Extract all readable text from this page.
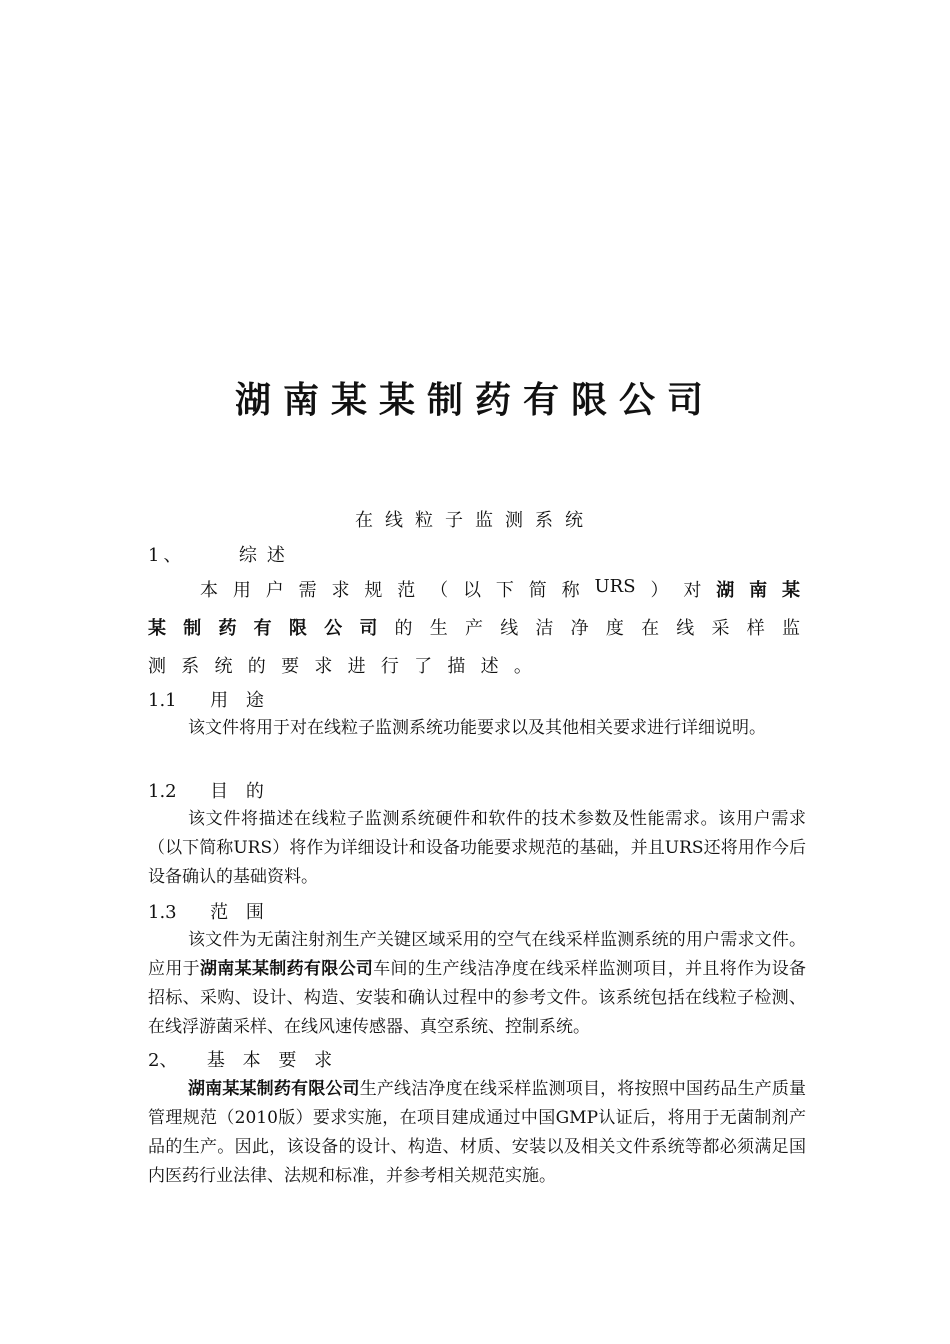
湖南某某制药有限公司
在线粒子监测系统
1、	综述
本 用 户 需 求 规 范 （ 以 下 简 称 URS ） 对 湖 南 某
某 制 药 有 限 公 司 的 生 产 线 洁 净 度 在 线 采 样 监
测 系 统 的 要 求 进 行 了 描 述 。
1.1 用 途
该文件将用于对在线粒子监测系统功能要求以及其他相关要求进行详细说明。
1.2 目 的
该文件将描述在线粒子监测系统硬件和软件的技术参数及性能需求。该用户需求（以下简称URS）将作为详细设计和设备功能要求规范的基础，并且URS还将用作今后设备确认的基础资料。
1.3 范 围
该文件为无菌注射剂生产关键区域采用的空气在线采样监测系统的用户需求文件。应用于湖南某某制药有限公司车间的生产线洁净度在线采样监测项目，并且将作为设备招标、采购、设计、构造、安装和确认过程中的参考文件。该系统包括在线粒子检测、在线浮游菌采样、在线风速传感器、真空系统、控制系统。
2、 基 本 要 求
湖南某某制药有限公司生产线洁净度在线采样监测项目，将按照中国药品生产质量管理规范（2010版）要求实施，在项目建成通过中国GMP认证后，将用于无菌制剂产品的生产。因此，该设备的设计、构造、材质、安装以及相关文件系统等都必须满足国内医药行业法律、法规和标准，并参考相关规范实施。
